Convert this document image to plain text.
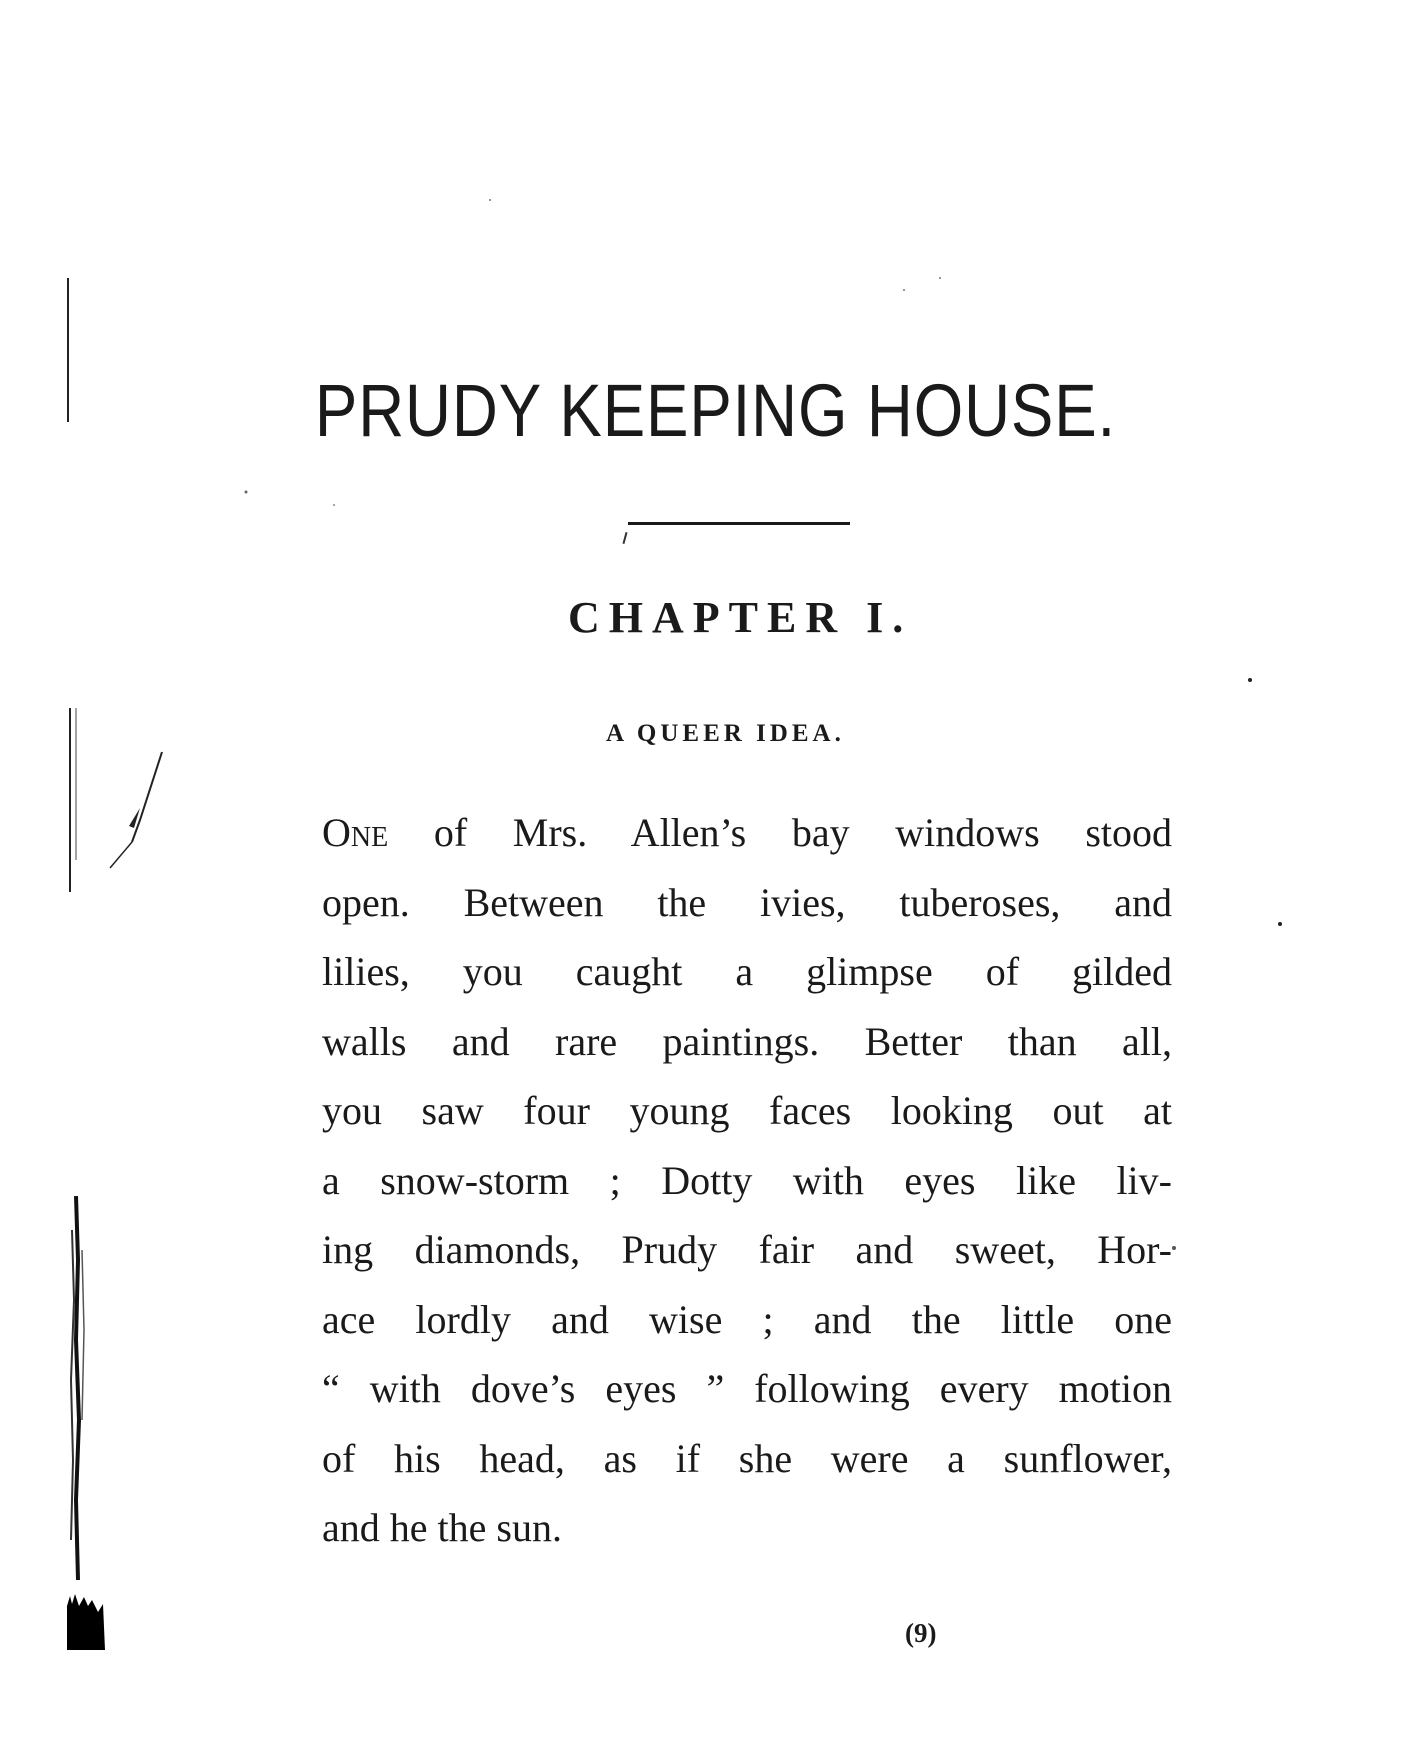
PRUDY KEEPING HOUSE.
CHAPTER I.
A QUEER IDEA.
One of Mrs. Allen’s bay windows stood
open. Between the ivies, tuberoses, and
lilies, you caught a glimpse of gilded
walls and rare paintings. Better than all,
you saw four young faces looking out at
a snow-storm ; Dotty with eyes like liv-
ing diamonds, Prudy fair and sweet, Hor-
ace lordly and wise ; and the little one
“ with dove’s eyes ” following every motion
of his head, as if she were a sunflower,
and he the sun.

(9)
